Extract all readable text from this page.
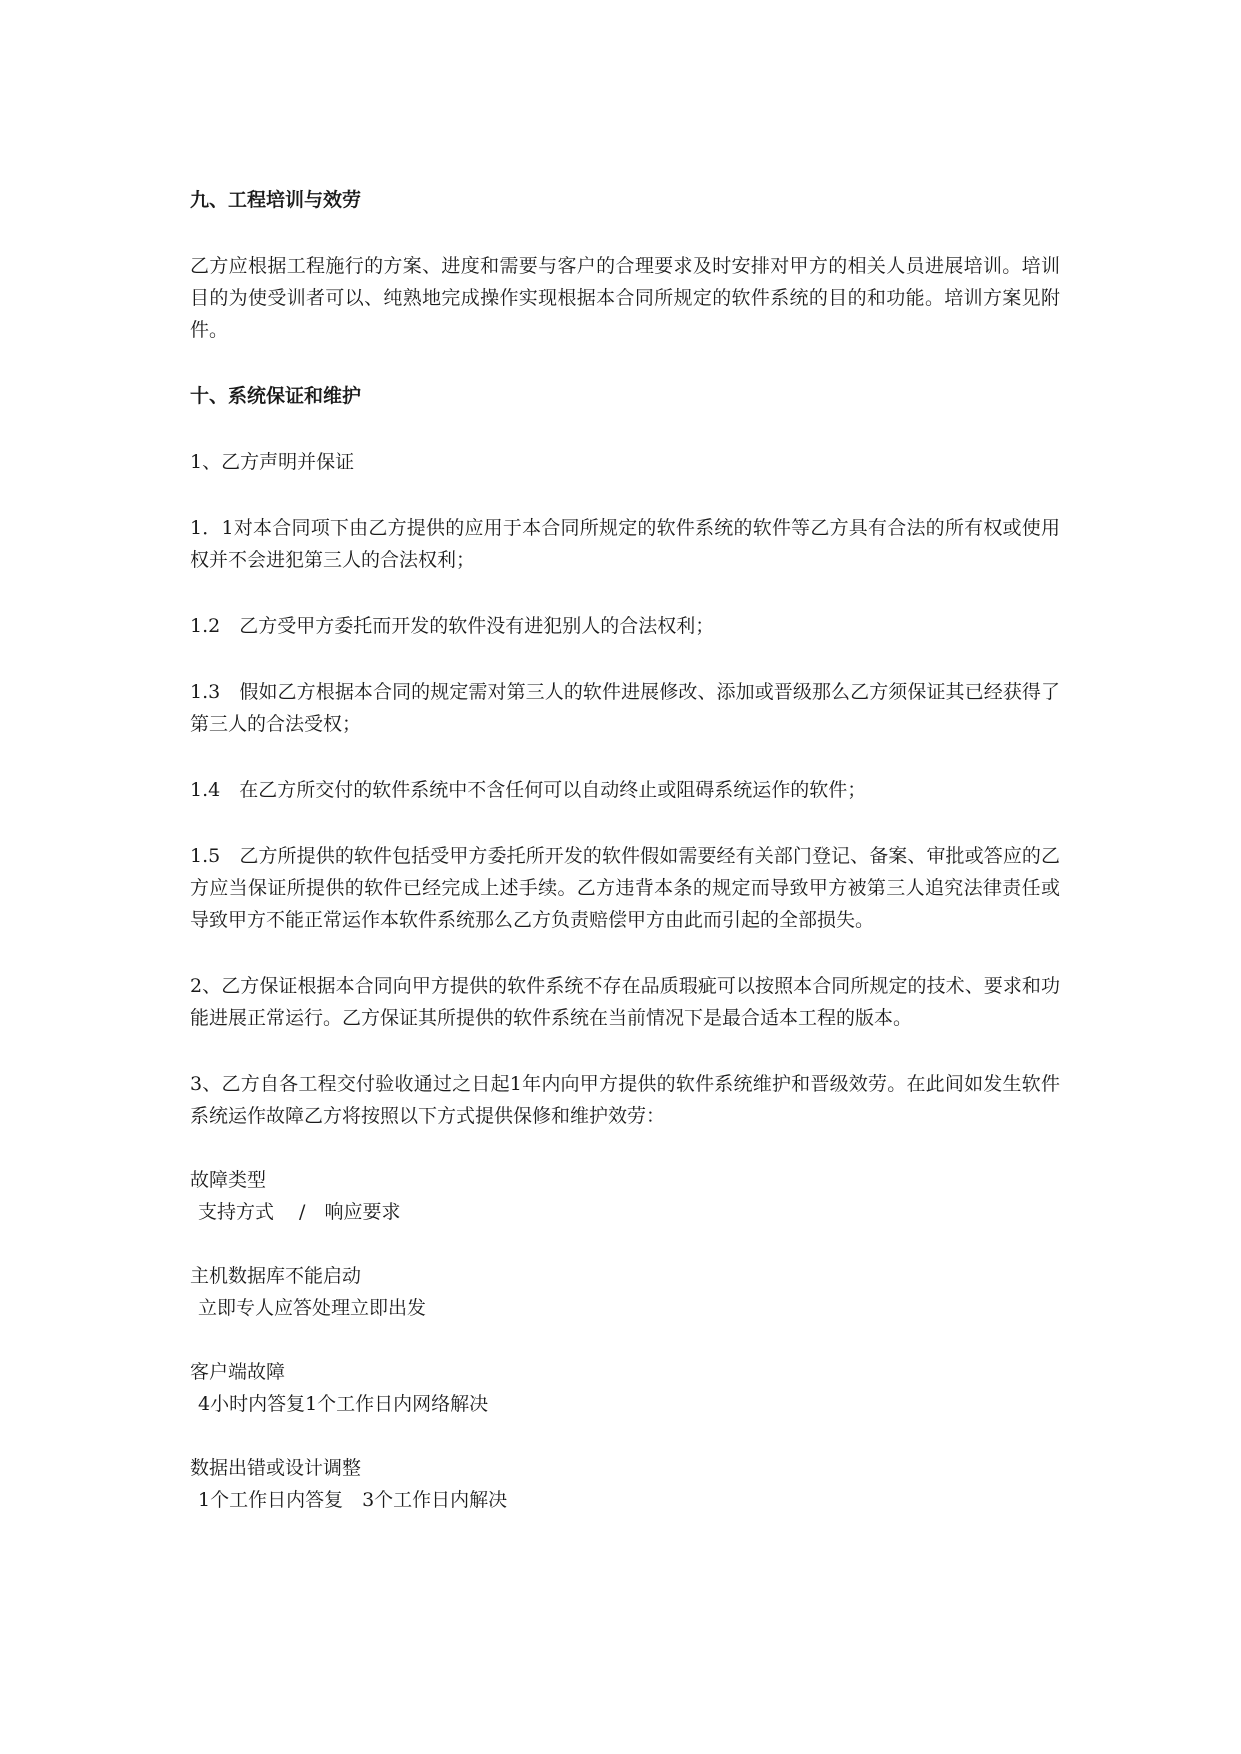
九、工程培训与效劳

乙方应根据工程施行的方案、进度和需要与客户的合理要求及时安排对甲方的相关人员进展培训。培训目的为使受训者可以、纯熟地完成操作实现根据本合同所规定的软件系统的目的和功能。培训方案见附件。

十、系统保证和维护

1、乙方声明并保证

1．1对本合同项下由乙方提供的应用于本合同所规定的软件系统的软件等乙方具有合法的所有权或使用权并不会进犯第三人的合法权利；

1.2　乙方受甲方委托而开发的软件没有进犯别人的合法权利；

1.3　假如乙方根据本合同的规定需对第三人的软件进展修改、添加或晋级那么乙方须保证其已经获得了第三人的合法受权；

1.4　在乙方所交付的软件系统中不含任何可以自动终止或阻碍系统运作的软件；

1.5　乙方所提供的软件包括受甲方委托所开发的软件假如需要经有关部门登记、备案、审批或答应的乙方应当保证所提供的软件已经完成上述手续。乙方违背本条的规定而导致甲方被第三人追究法律责任或导致甲方不能正常运作本软件系统那么乙方负责赔偿甲方由此而引起的全部损失。

2、乙方保证根据本合同向甲方提供的软件系统不存在品质瑕疵可以按照本合同所规定的技术、要求和功能进展正常运行。乙方保证其所提供的软件系统在当前情况下是最合适本工程的版本。

3、乙方自各工程交付验收通过之日起1年内向甲方提供的软件系统维护和晋级效劳。在此间如发生软件系统运作故障乙方将按照以下方式提供保修和维护效劳：

故障类型

支持方式　 /　响应要求

主机数据库不能启动

立即专人应答处理立即出发

客户端故障

4小时内答复1个工作日内网络解决

数据出错或设计调整

1个工作日内答复　3个工作日内解决
